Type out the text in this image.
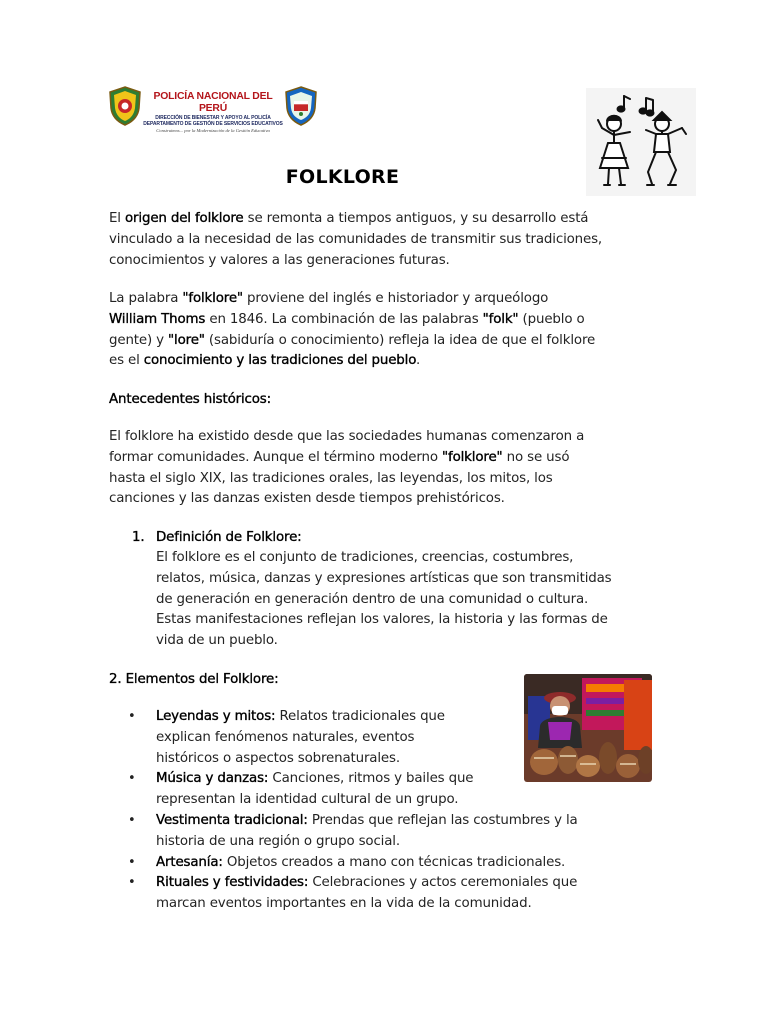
POLICÍA NACIONAL DEL PERÚ
DIRECCIÓN DE BIENESTAR Y APOYO AL POLICÍA
DEPARTAMENTO DE GESTIÓN DE SERVICIOS EDUCATIVOS
Construimos... por la Modernización de la Gestión Educativa
FOLKLORE
El origen del folklore se remonta a tiempos antiguos, y su desarrollo está
vinculado a la necesidad de las comunidades de transmitir sus tradiciones,
conocimientos y valores a las generaciones futuras.
La palabra "folklore" proviene del inglés e historiador y arqueólogo
William Thoms en 1846. La combinación de las palabras "folk" (pueblo o
gente) y "lore" (sabiduría o conocimiento) refleja la idea de que el folklore
es el conocimiento y las tradiciones del pueblo.
Antecedentes históricos:
El folklore ha existido desde que las sociedades humanas comenzaron a
formar comunidades. Aunque el término moderno "folklore" no se usó
hasta el siglo XIX, las tradiciones orales, las leyendas, los mitos, los
canciones y las danzas existen desde tiempos prehistóricos.
1. Definición de Folklore:
El folklore es el conjunto de tradiciones, creencias, costumbres,
relatos, música, danzas y expresiones artísticas que son transmitidas
de generación en generación dentro de una comunidad o cultura.
Estas manifestaciones reflejan los valores, la historia y las formas de
vida de un pueblo.
2. Elementos del Folklore:
•	Leyendas y mitos: Relatos tradicionales que
explican fenómenos naturales, eventos
históricos o aspectos sobrenaturales.
•	Música y danzas: Canciones, ritmos y bailes que
representan la identidad cultural de un grupo.
•	Vestimenta tradicional: Prendas que reflejan las costumbres y la
historia de una región o grupo social.
•	Artesanía: Objetos creados a mano con técnicas tradicionales.
•	Rituales y festividades: Celebraciones y actos ceremoniales que
marcan eventos importantes en la vida de la comunidad.
